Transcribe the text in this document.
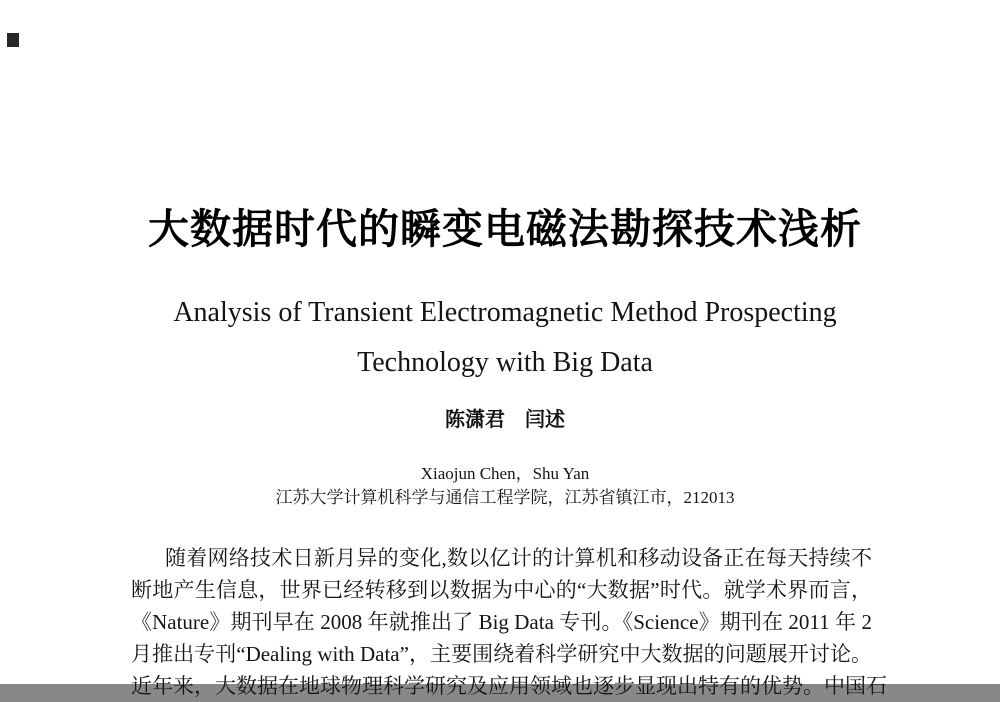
大数据时代的瞬变电磁法勘探技术浅析
Analysis of Transient Electromagnetic Method Prospecting
Technology with Big Data
陈潇君　闫述
Xiaojun Chen，Shu Yan
江苏大学计算机科学与通信工程学院，江苏省镇江市，212013
随着网络技术日新月异的变化,数以亿计的计算机和移动设备正在每天持续不
断地产生信息，世界已经转移到以数据为中心的“大数据”时代。就学术界而言，
《Nature》期刊早在 2008 年就推出了 Big Data 专刊。《Science》期刊在 2011 年 2
月推出专刊“Dealing with Data”，主要围绕着科学研究中大数据的问题展开讨论。
近年来，大数据在地球物理科学研究及应用领域也逐步显现出特有的优势。中国石
